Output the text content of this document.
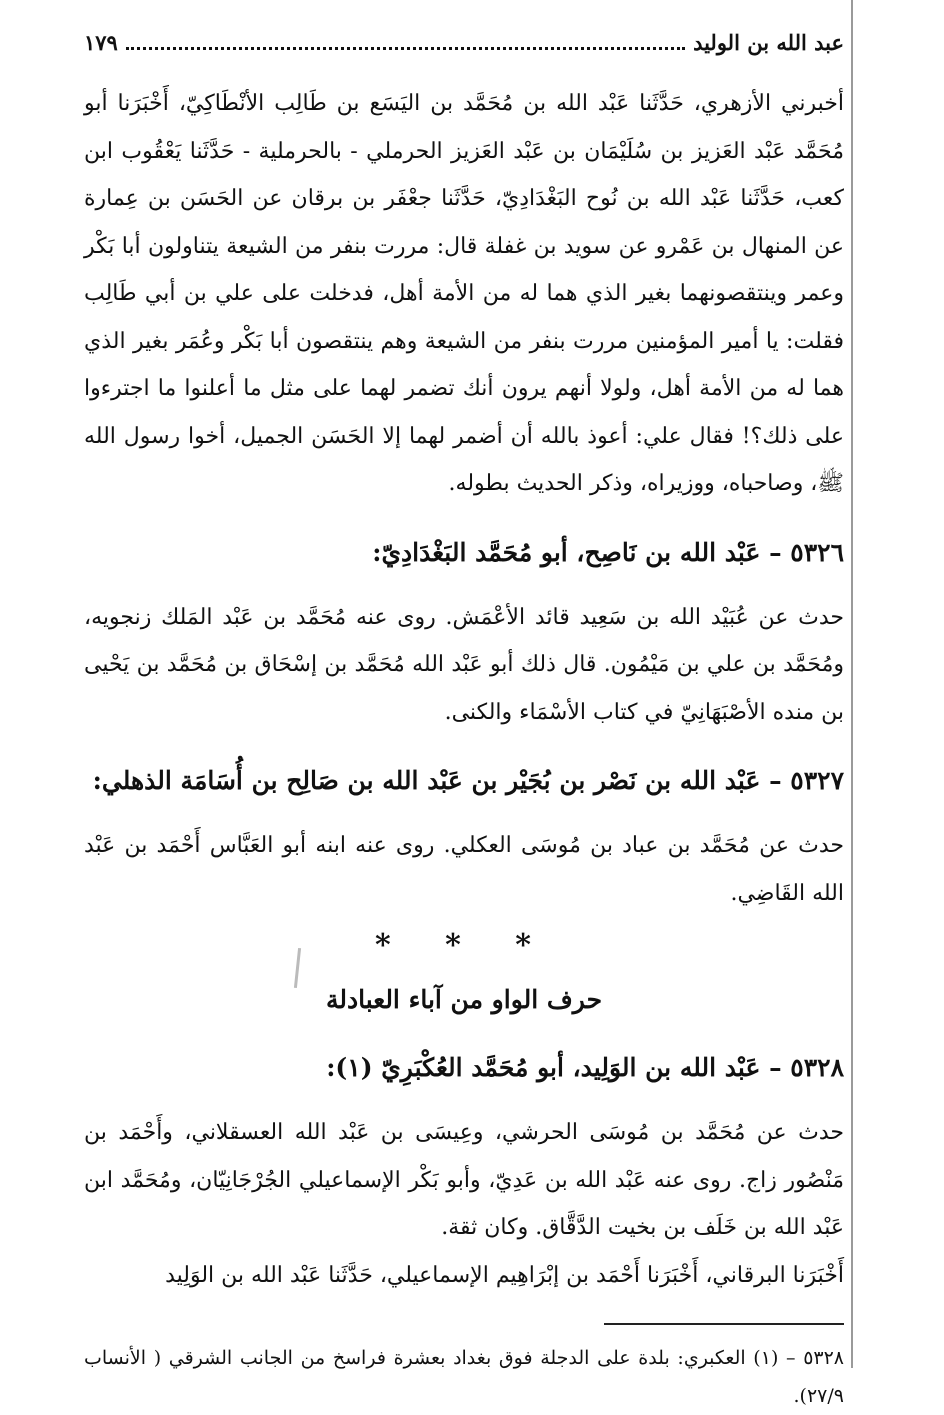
عبد الله بن الوليد
١٧٩

أخبرني الأزهري، حَدَّثَنا عَبْد الله بن مُحَمَّد بن اليَسَع بن طَالِب الأنْطَاكِيّ، أَخْبَرَنا أبو مُحَمَّد عَبْد العَزيز بن سُلَيْمَان بن عَبْد العَزيز الحرملي - بالحرملية - حَدَّثَنا يَعْقُوب ابن كعب، حَدَّثَنا عَبْد الله بن نُوح البَغْدَادِيّ، حَدَّثَنا جعْفَر بن برقان عن الحَسَن بن عِمارة عن المنهال بن عَمْرو عن سويد بن غفلة قال: مررت بنفر من الشيعة يتناولون أبا بَكْر وعمر وينتقصونهما بغير الذي هما له من الأمة أهل، فدخلت على علي بن أبي طَالِب فقلت: يا أمير المؤمنين مررت بنفر من الشيعة وهم ينتقصون أبا بَكْر وعُمَر بغير الذي هما له من الأمة أهل، ولولا أنهم يرون أنك تضمر لهما على مثل ما أعلنوا ما اجترءوا على ذلك؟! فقال علي: أعوذ بالله أن أضمر لهما إلا الحَسَن الجميل، أخوا رسول الله ﷺ، وصاحباه، ووزيراه، وذكر الحديث بطوله.

٥٣٢٦ – عَبْد الله بن نَاصِح، أبو مُحَمَّد البَغْدَادِيّ:

حدث عن عُبَيْد الله بن سَعِيد قائد الأعْمَش. روى عنه مُحَمَّد بن عَبْد المَلك زنجويه، ومُحَمَّد بن علي بن مَيْمُون. قال ذلك أبو عَبْد الله مُحَمَّد بن إسْحَاق بن مُحَمَّد بن يَحْيى بن منده الأصْبَهَانِيّ في كتاب الأسْمَاء والكنى.

٥٣٢٧ – عَبْد الله بن نَصْر بن بُجَيْر بن عَبْد الله بن صَالِح بن أُسَامَة الذهلي:

حدث عن مُحَمَّد بن عباد بن مُوسَى العكلي. روى عنه ابنه أبو العَبَّاس أَحْمَد بن عَبْد الله القَاضِي.

* * *
حرف الواو من آباء العبادلة
٥٣٢٨ – عَبْد الله بن الوَلِيد، أبو مُحَمَّد العُكْبَرِيّ (١):

حدث عن مُحَمَّد بن مُوسَى الحرشي، وعِيسَى بن عَبْد الله العسقلاني، وأَحْمَد بن مَنْصُور زاج. روى عنه عَبْد الله بن عَدِيّ، وأبو بَكْر الإسماعيلي الجُرْجَانِيّان، ومُحَمَّد ابن عَبْد الله بن خَلَف بن بخيت الدَّقَّاق. وكان ثقة.

أَخْبَرَنا البرقاني، أَخْبَرَنا أَحْمَد بن إبْرَاهِيم الإسماعيلي، حَدَّثَنا عَبْد الله بن الوَلِيد

٥٣٢٨ – (١) العكبري: بلدة على الدجلة فوق بغداد بعشرة فراسخ من الجانب الشرقي ( الأنساب ٢٧/٩).
